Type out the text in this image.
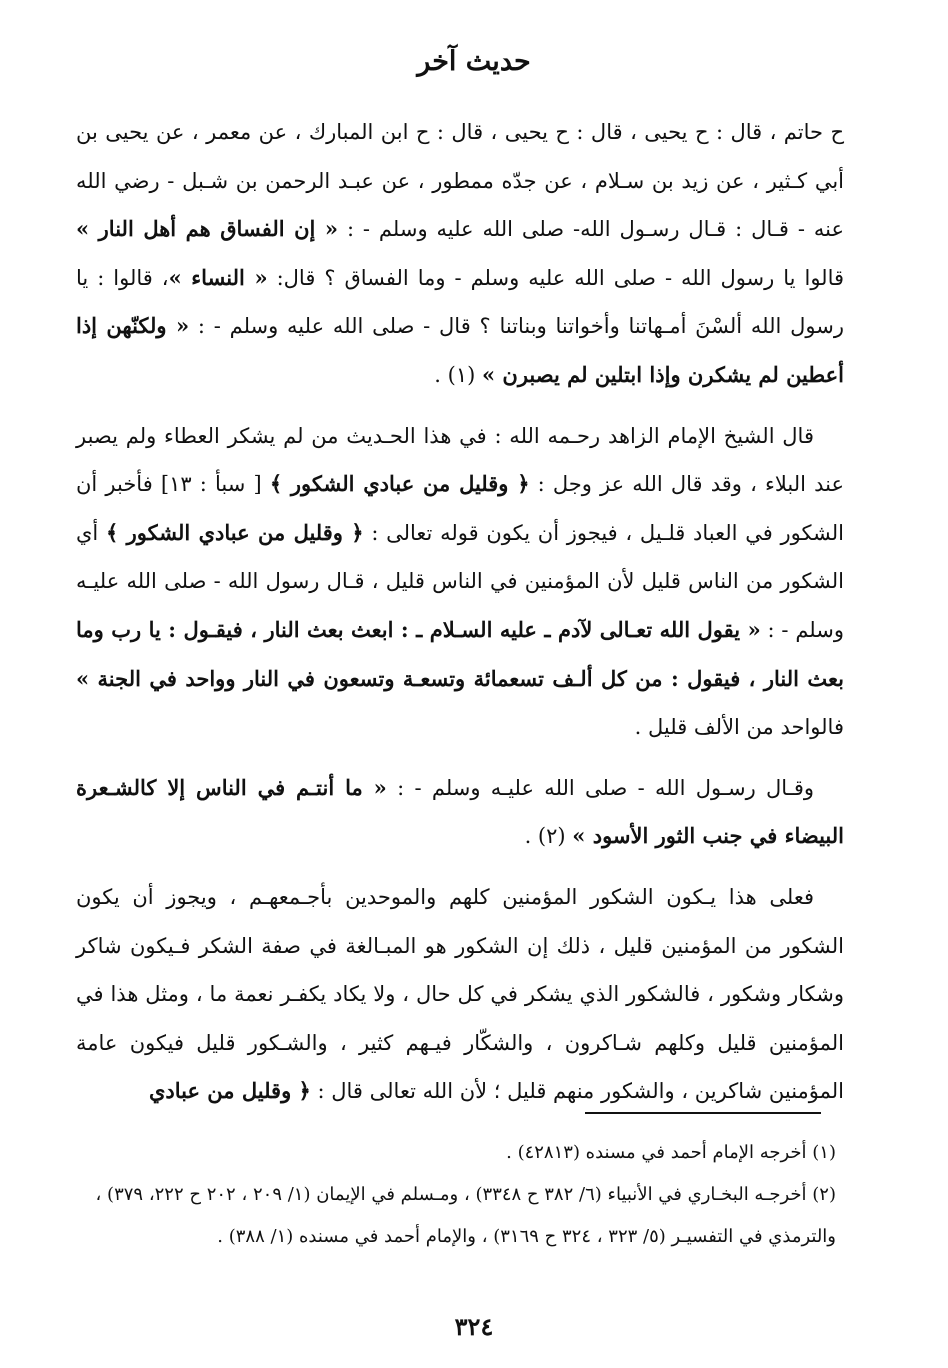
حديث آخر

ح حاتم ، قال : ح يحيى ، قال : ح يحيى ، قال : ح ابن المبارك ، عن معمر ، عن يحيى بن أبي كـثير ، عن زيد بن سـلام ، عن جدّه ممطور ، عن عبـد الرحمن بن شـبل - رضي الله عنه - قـال : قـال رسـول الله- صلى الله عليه وسلم - : « إن الفساق هم أهل النار » قالوا يا رسول الله - صلى الله عليه وسلم - وما الفساق ؟ قال: « النساء »، قالوا : يا رسول الله ألسْنَ أمـهاتنا وأخواتنا وبناتنا ؟ قال - صلى الله عليه وسلم - : « ولكنّهن إذا أعطين لم يشكرن وإذا ابتلين لم يصبرن » (١) .

قال الشيخ الإمام الزاهد رحـمه الله : في هذا الحـديث من لم يشكر العطاء ولم يصبر عند البلاء ، وقد قال الله عز وجل : ﴿ وقليل من عبادي الشكور ﴾ [ سبأ : ١٣] فأخبر أن الشكور في العباد قلـيل ، فيجوز أن يكون قوله تعالى : ﴿ وقليل من عبادي الشكور ﴾ أي الشكور من الناس قليل لأن المؤمنين في الناس قليل ، قـال رسول الله - صلى الله عليـه وسلم - : « يقول الله تعـالى لآدم ـ عليه السـلام ـ : ابعث بعث النار ، فيقـول : يا رب وما بعث النار ، فيقول : من كل ألـف تسعمائة وتسعـة وتسعون في النار وواحد في الجنة » فالواحد من الألف قليل .

وقـال رسـول الله - صلى الله عليـه وسلم - : « ما أنتـم في الناس إلا كالشـعرة البيضاء في جنب الثور الأسود » (٢) .

فعلى هذا يـكون الشكور المؤمنين كلهم والموحدين بأجـمعهـم ، ويجوز أن يكون الشكور من المؤمنين قليل ، ذلك إن الشكور هو المبـالغة في صفة الشكر فـيكون شاكر وشكار وشكور ، فالشكور الذي يشكر في كل حال ، ولا يكاد يكفـر نعمة ما ، ومثل هذا في المؤمنين قليل وكلهم شـاكرون ، والشكّار فيـهم كثير ، والشـكور قليل فيكون عامة المؤمنين شاكرين ، والشكور منهم قليل ؛ لأن الله تعالى قال : ﴿ وقليل من عبادي

(١) أخرجه الإمام أحمد في مسنده (٤٢٨١٣) .

(٢) أخرجـه البخـاري في الأنبياء (٦/ ٣٨٢ ح ٣٣٤٨) ، ومـسلم في الإيمان (١/ ٢٠٩ ، ٢٠٢ ح ٢٢٢، ٣٧٩) ، والترمذي في التفسيـر (٥/ ٣٢٣ ، ٣٢٤ ح ٣١٦٩) ، والإمام أحمد في مسنده (١/ ٣٨٨) .

٣٢٤
